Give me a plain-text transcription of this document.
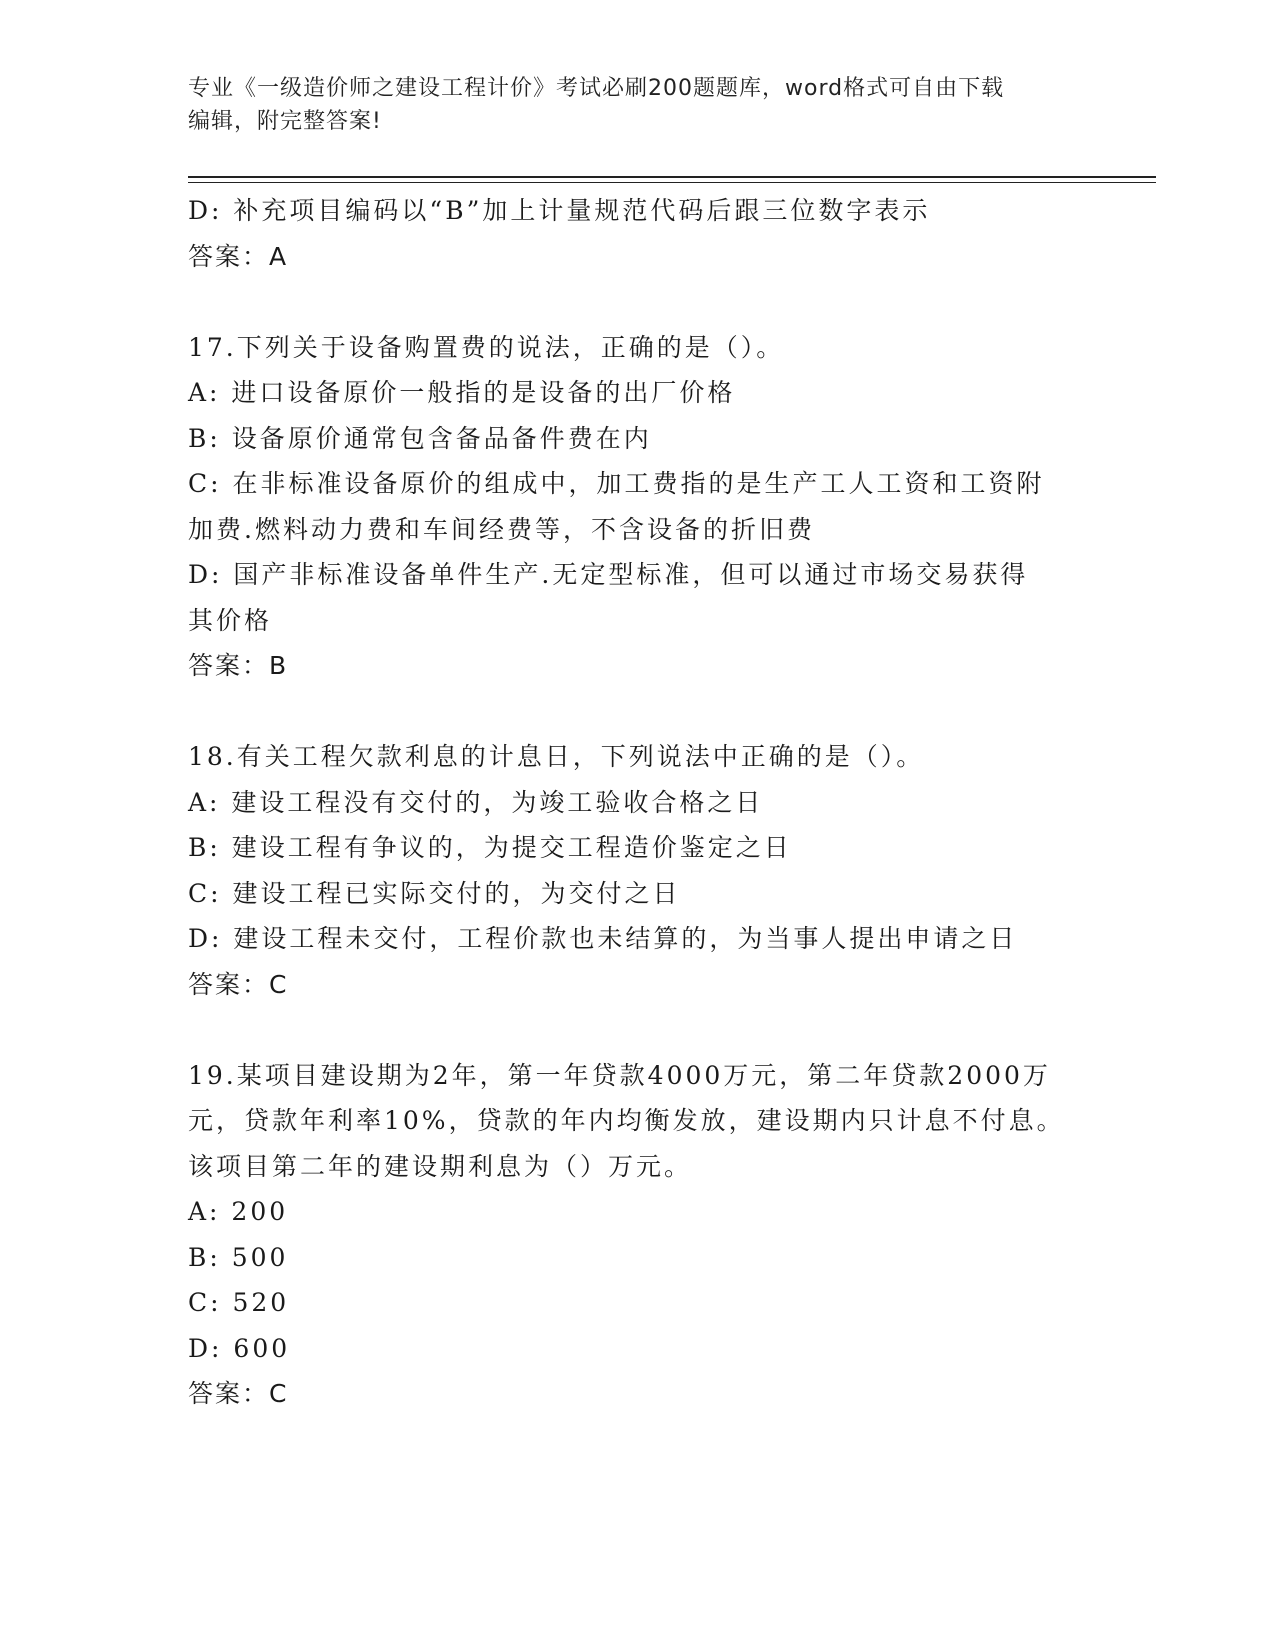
专业《一级造价师之建设工程计价》考试必刷200题题库，word格式可自由下载
编辑，附完整答案!
D: 补充项目编码以“B”加上计量规范代码后跟三位数字表示
答案：A
17.下列关于设备购置费的说法，正确的是（）。
A: 进口设备原价一般指的是设备的出厂价格
B: 设备原价通常包含备品备件费在内
C: 在非标准设备原价的组成中，加工费指的是生产工人工资和工资附
加费.燃料动力费和车间经费等，不含设备的折旧费
D: 国产非标准设备单件生产.无定型标准，但可以通过市场交易获得
其价格
答案：B
18.有关工程欠款利息的计息日，下列说法中正确的是（）。
A: 建设工程没有交付的，为竣工验收合格之日
B: 建设工程有争议的，为提交工程造价鉴定之日
C: 建设工程已实际交付的，为交付之日
D: 建设工程未交付，工程价款也未结算的，为当事人提出申请之日
答案：C
19.某项目建设期为2年，第一年贷款4000万元，第二年贷款2000万
元，贷款年利率10%，贷款的年内均衡发放，建设期内只计息不付息。
该项目第二年的建设期利息为（）万元。
A: 200
B: 500
C: 520
D: 600
答案：C
